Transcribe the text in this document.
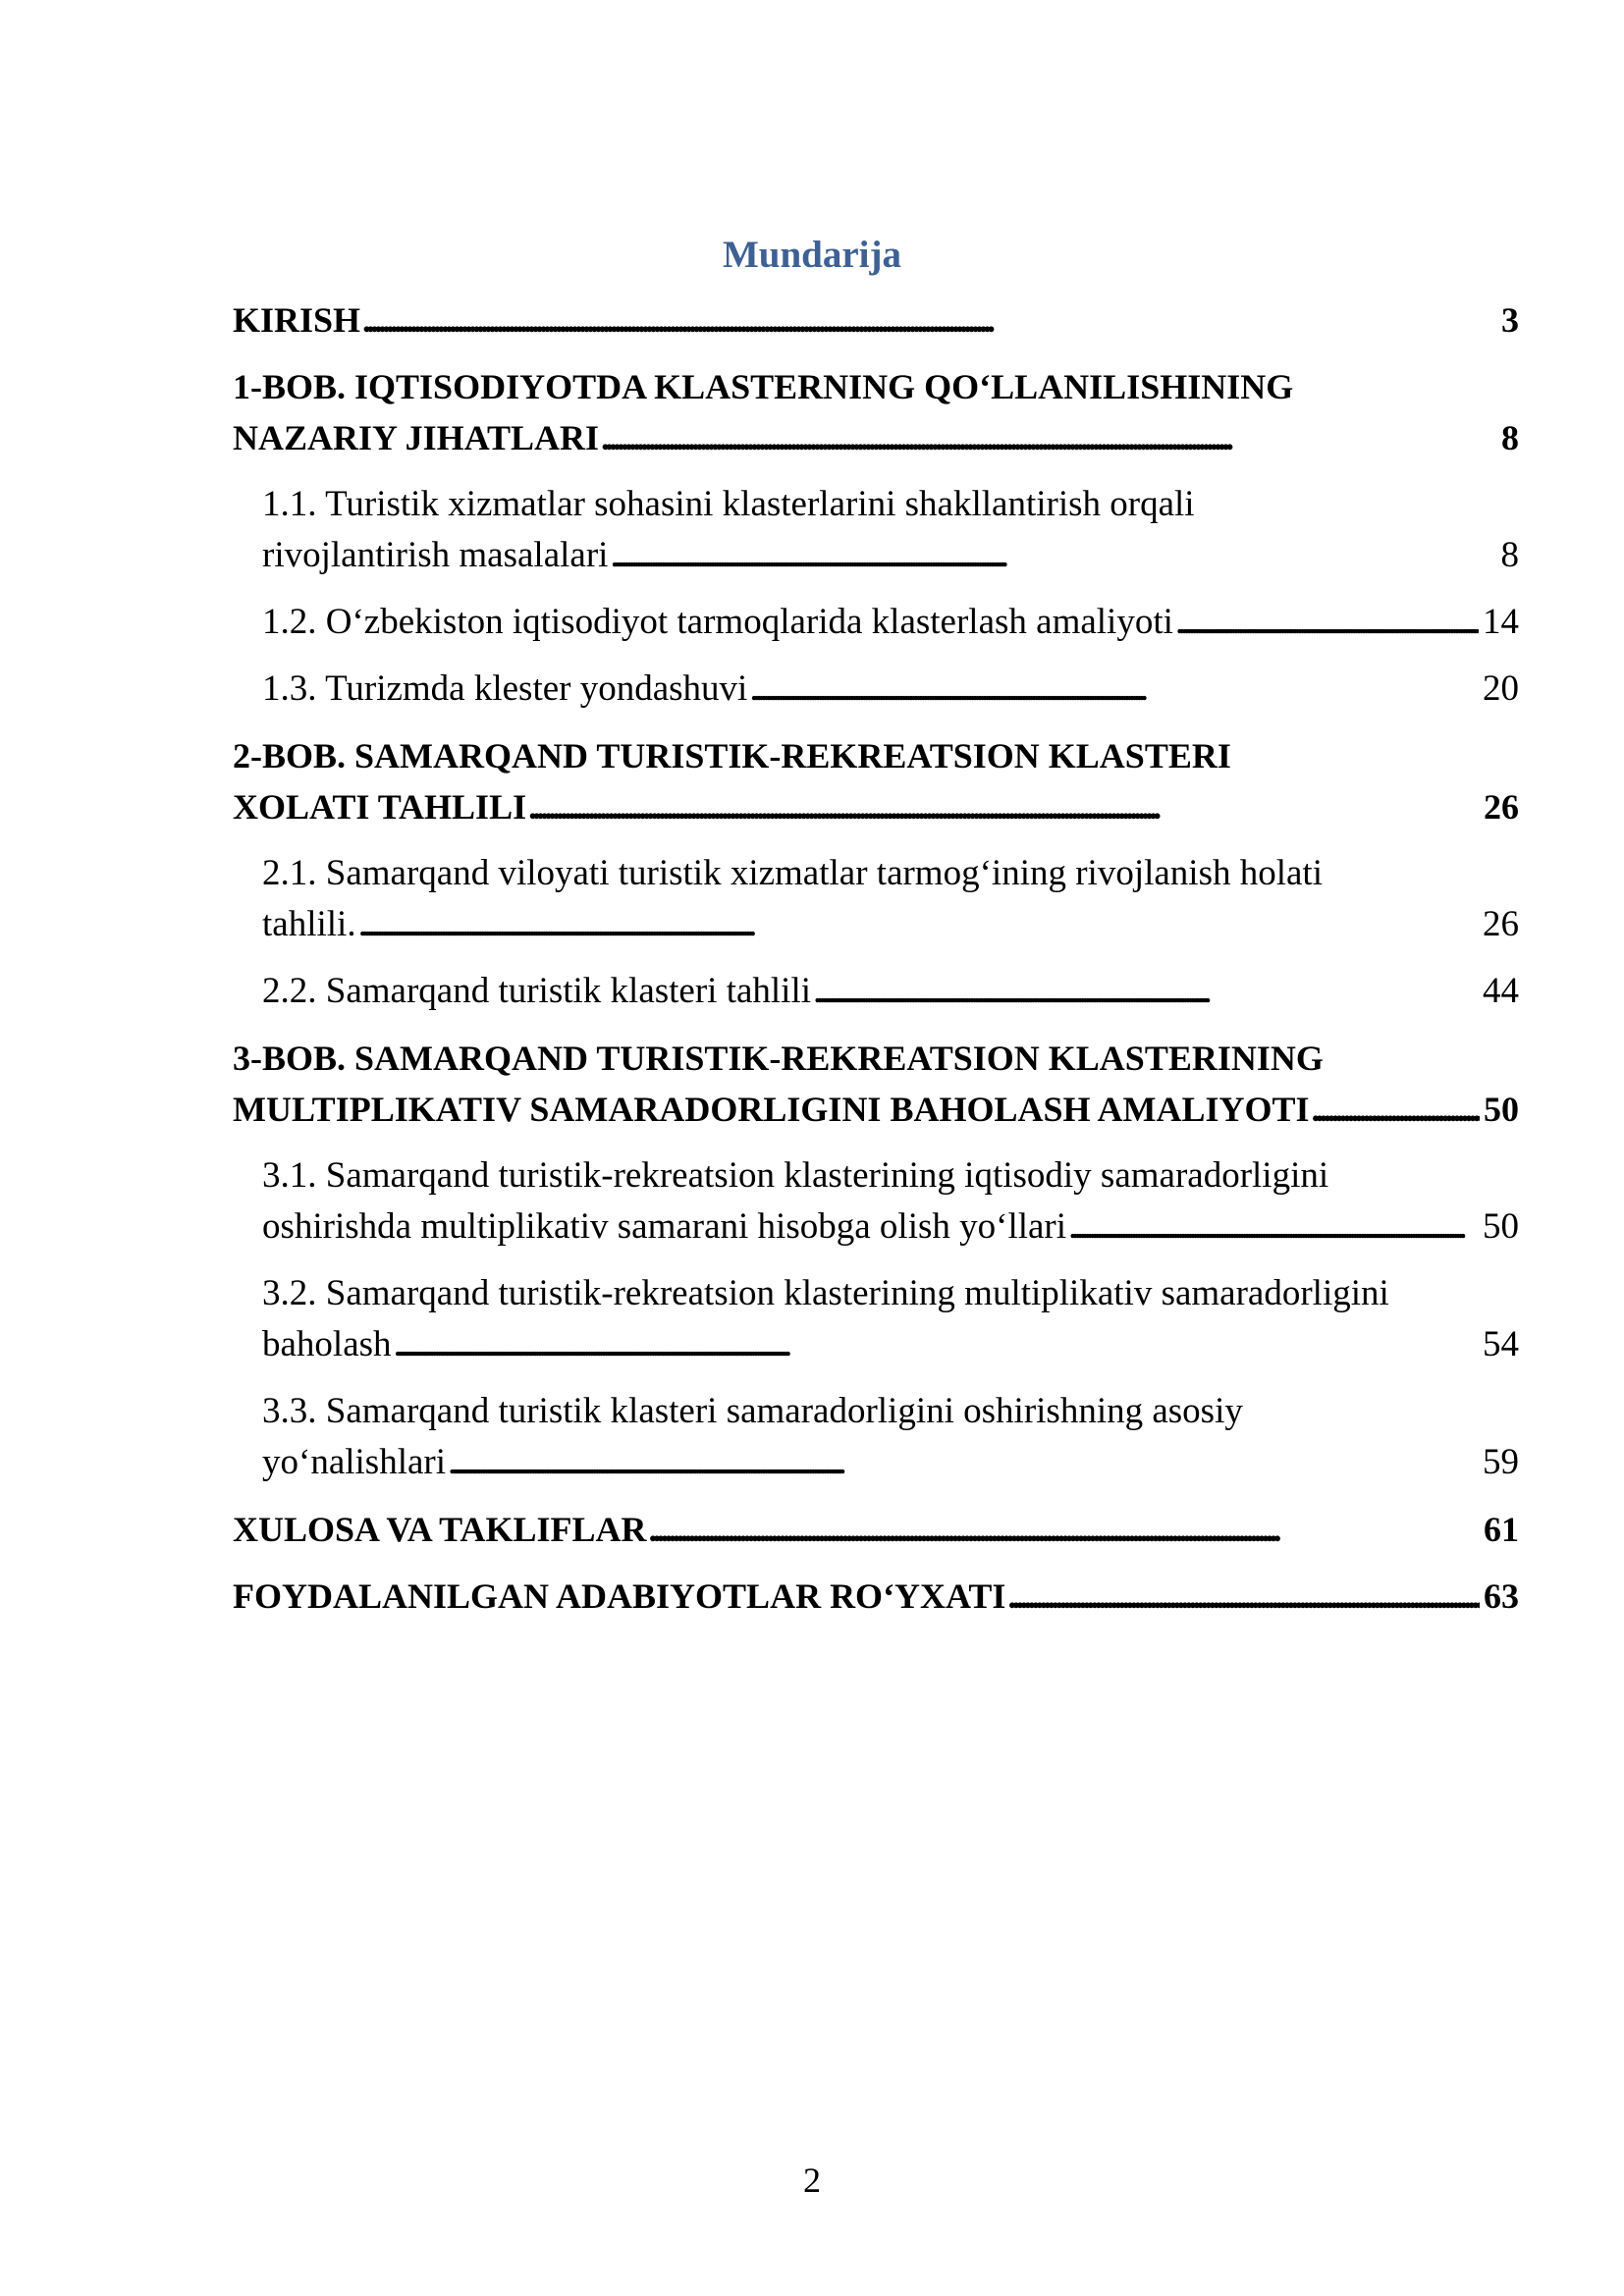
Mundarija
KIRISH . . .	3
1-BOB. IQTISODIYOTDA KLASTERNING QO‘LLANILISHINING
NAZARIY JIHATLARI . . .	8
1.1. Turistik xizmatlar sohasini klasterlarini shakllantirish orqali
rivojlantirish masalalari . . .	8
1.2. O‘zbekiston iqtisodiyot tarmoqlarida klasterlash amaliyoti . . .	14
1.3. Turizmda klester yondashuvi . . .	20
2-BOB. SAMARQAND TURISTIK-REKREATSION KLASTERI
XOLATI TAHLILI . . .	26
2.1. Samarqand viloyati turistik xizmatlar tarmog‘ining rivojlanish holati
tahlili. . . .	26
2.2. Samarqand turistik klasteri tahlili . . .	44
3-BOB. SAMARQAND TURISTIK-REKREATSION KLASTERINING
MULTIPLIKATIV SAMARADORLIGINI BAHOLASH AMALIYOTI . . .	50
3.1. Samarqand turistik-rekreatsion klasterining iqtisodiy samaradorligini
oshirishda multiplikativ samarani hisobga olish yo‘llari . . .	50
3.2. Samarqand turistik-rekreatsion klasterining multiplikativ samaradorligini
baholash . . .	54
3.3. Samarqand turistik klasteri samaradorligini oshirishning asosiy
yo‘nalishlari . . .	59
XULOSA VA TAKLIFLAR . . .	61
FOYDALANILGAN ADABIYOTLAR RO‘YXATI . . .	63
2
